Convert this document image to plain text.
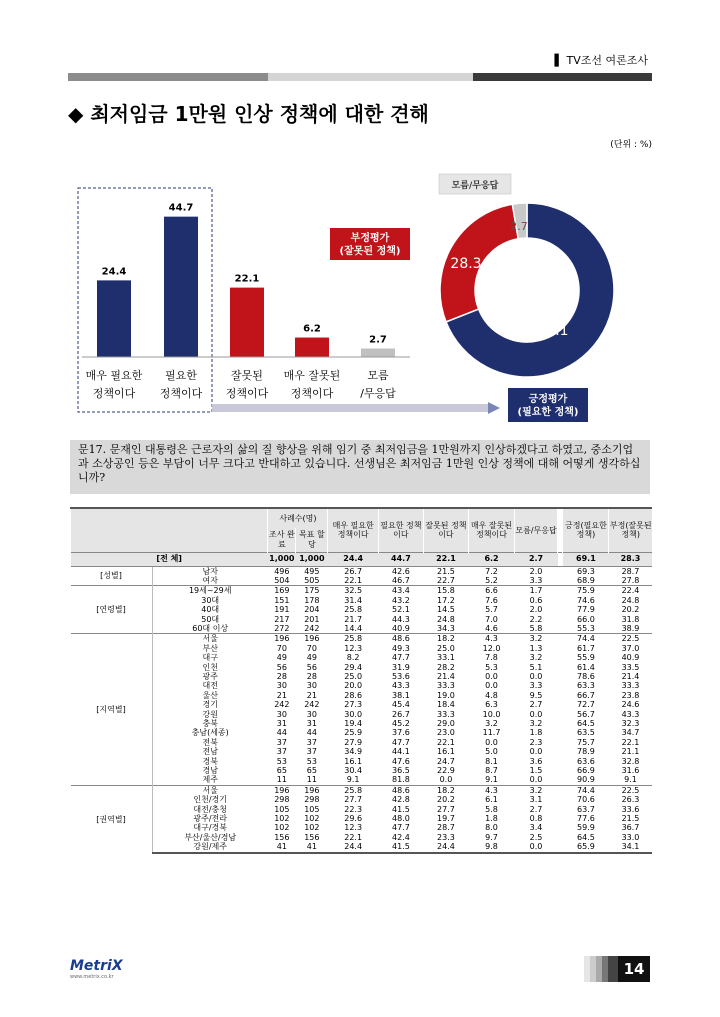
▌ TV조선 여론조사
◆ 최저임금 1만원 인상 정책에 대한 견해
(단위 : %)
24.4
매우 필요한
정책이다
44.7
필요한
정책이다
22.1
잘못된
정책이다
6.2
매우 잘못된
정책이다
2.7
모름
/무응답
69.1
28.3
2.7
긍정평가
(필요한 정책)
부정평가
(잘못된 정책)
모름/무응답
문17. 문재인 대통령은 근로자의 삶의 질 향상을 위해 임기 중 최저임금을 1만원까지 인상하겠다고 하였고, 중소기업과 소상공인 등은 부담이 너무 크다고 반대하고 있습니다. 선생님은 최저임금 1만원 인상 정책에 대해 어떻게 생각하십니까?
		사례수(명)		매우 필요한 정책이다	필요한 정책이다	잘못된 정책이다	매우 잘못된 정책이다	모름/무응답		긍정(필요한 정책)	부정(잘못된 정책)
		조사 완료	목표 할당								
[전 체]		1,000	1,000	24.4	44.7	22.1	6.2	2.7		69.1	28.3
[성별]	남자	496	495	26.7	42.6	21.5	7.2	2.0		69.3	28.7
	여자	504	505	22.1	46.7	22.7	5.2	3.3		68.9	27.8
[연령별]	19세~29세	169	175	32.5	43.4	15.8	6.6	1.7		75.9	22.4
	30대	151	178	31.4	43.2	17.2	7.6	0.6		74.6	24.8
	40대	191	204	25.8	52.1	14.5	5.7	2.0		77.9	20.2
	50대	217	201	21.7	44.3	24.8	7.0	2.2		66.0	31.8
	60대 이상	272	242	14.4	40.9	34.3	4.6	5.8		55.3	38.9
[지역별]	서울	196	196	25.8	48.6	18.2	4.3	3.2		74.4	22.5
	부산	70	70	12.3	49.3	25.0	12.0	1.3		61.7	37.0
	대구	49	49	8.2	47.7	33.1	7.8	3.2		55.9	40.9
	인천	56	56	29.4	31.9	28.2	5.3	5.1		61.4	33.5
	광주	28	28	25.0	53.6	21.4	0.0	0.0		78.6	21.4
	대전	30	30	20.0	43.3	33.3	0.0	3.3		63.3	33.3
	울산	21	21	28.6	38.1	19.0	4.8	9.5		66.7	23.8
	경기	242	242	27.3	45.4	18.4	6.3	2.7		72.7	24.6
	강원	30	30	30.0	26.7	33.3	10.0	0.0		56.7	43.3
	충북	31	31	19.4	45.2	29.0	3.2	3.2		64.5	32.3
	충남(세종)	44	44	25.9	37.6	23.0	11.7	1.8		63.5	34.7
	전북	37	37	27.9	47.7	22.1	0.0	2.3		75.7	22.1
	전남	37	37	34.9	44.1	16.1	5.0	0.0		78.9	21.1
	경북	53	53	16.1	47.6	24.7	8.1	3.6		63.6	32.8
	경남	65	65	30.4	36.5	22.9	8.7	1.5		66.9	31.6
	제주	11	11	9.1	81.8	0.0	9.1	0.0		90.9	9.1
[권역별]	서울	196	196	25.8	48.6	18.2	4.3	3.2		74.4	22.5
	인천/경기	298	298	27.7	42.8	20.2	6.1	3.1		70.6	26.3
	대전/충청	105	105	22.3	41.5	27.7	5.8	2.7		63.7	33.6
	광주/전라	102	102	29.6	48.0	19.7	1.8	0.8		77.6	21.5
	대구/경북	102	102	12.3	47.7	28.7	8.0	3.4		59.9	36.7
	부산/울산/경남	156	156	22.1	42.4	23.3	9.7	2.5		64.5	33.0
	강원/제주	41	41	24.4	41.5	24.4	9.8	0.0		65.9	34.1
MetriX
www.metrix.co.kr	14
